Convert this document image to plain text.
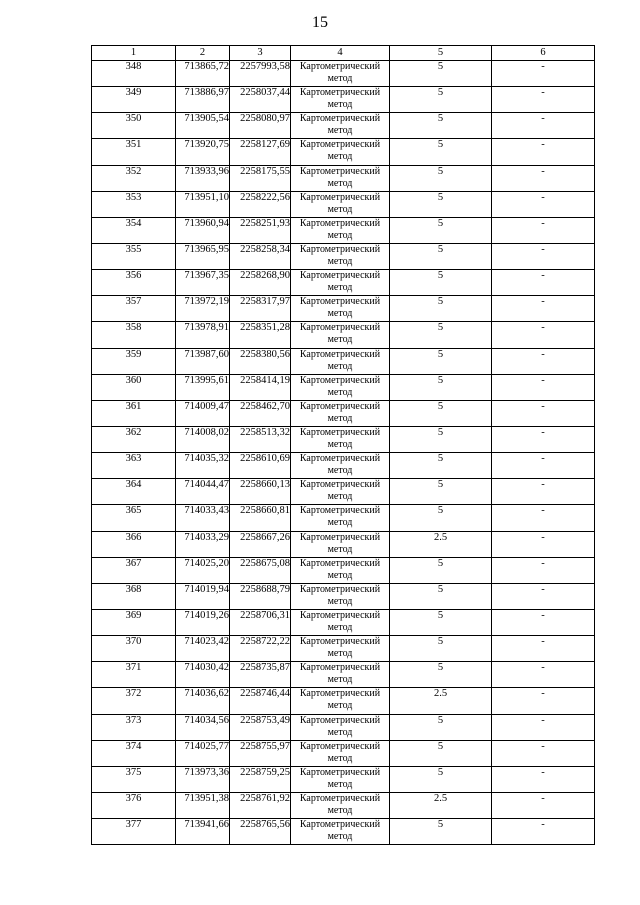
15
1	2	3	4	5	6
348	713865,72	2257993,58	Картометрический метод	5	-
349	713886,97	2258037,44	Картометрический метод	5	-
350	713905,54	2258080,97	Картометрический метод	5	-
351	713920,75	2258127,69	Картометрический метод	5	-
352	713933,96	2258175,55	Картометрический метод	5	-
353	713951,10	2258222,56	Картометрический метод	5	-
354	713960,94	2258251,93	Картометрический метод	5	-
355	713965,95	2258258,34	Картометрический метод	5	-
356	713967,35	2258268,90	Картометрический метод	5	-
357	713972,19	2258317,97	Картометрический метод	5	-
358	713978,91	2258351,28	Картометрический метод	5	-
359	713987,60	2258380,56	Картометрический метод	5	-
360	713995,61	2258414,19	Картометрический метод	5	-
361	714009,47	2258462,70	Картометрический метод	5	-
362	714008,02	2258513,32	Картометрический метод	5	-
363	714035,32	2258610,69	Картометрический метод	5	-
364	714044,47	2258660,13	Картометрический метод	5	-
365	714033,43	2258660,81	Картометрический метод	5	-
366	714033,29	2258667,26	Картометрический метод	2.5	-
367	714025,20	2258675,08	Картометрический метод	5	-
368	714019,94	2258688,79	Картометрический метод	5	-
369	714019,26	2258706,31	Картометрический метод	5	-
370	714023,42	2258722,22	Картометрический метод	5	-
371	714030,42	2258735,87	Картометрический метод	5	-
372	714036,62	2258746,44	Картометрический метод	2.5	-
373	714034,56	2258753,49	Картометрический метод	5	-
374	714025,77	2258755,97	Картометрический метод	5	-
375	713973,36	2258759,25	Картометрический метод	5	-
376	713951,38	2258761,92	Картометрический метод	2.5	-
377	713941,66	2258765,56	Картометрический метод	5	-
